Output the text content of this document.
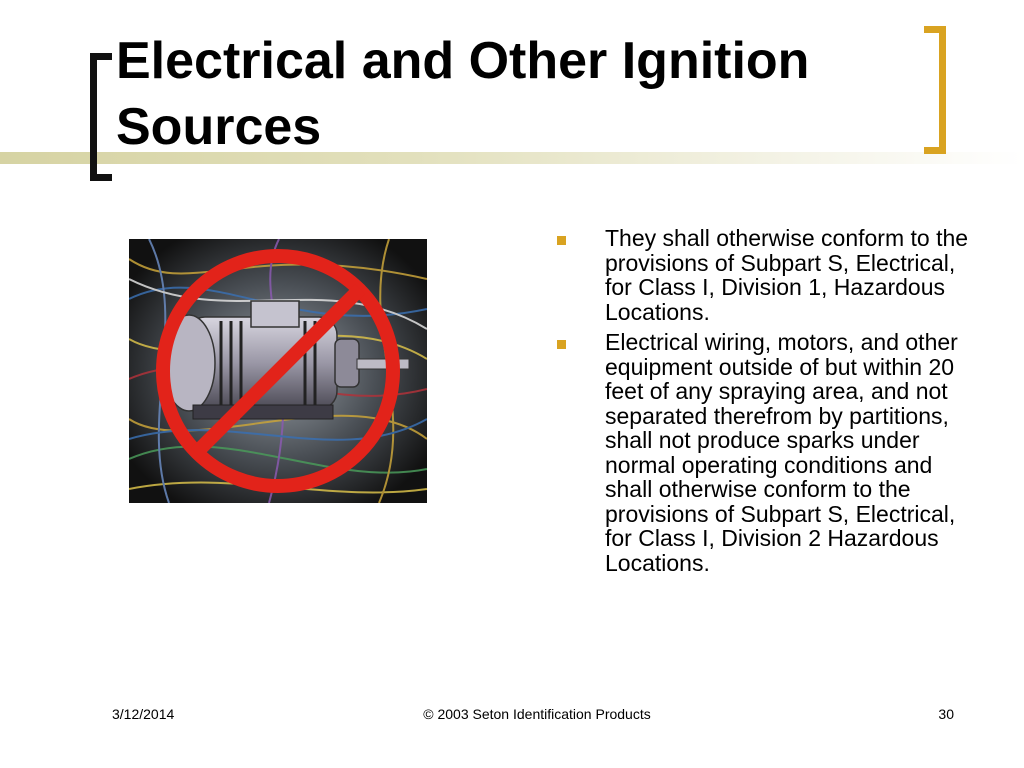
Electrical and Other Ignition Sources
They shall otherwise conform to the provisions of Subpart S, Electrical, for Class I, Division 1, Hazardous Locations.
Electrical wiring, motors, and other equipment outside of but within 20 feet of any spraying area, and not separated therefrom by partitions, shall not produce sparks under normal operating conditions and shall otherwise conform to the provisions of Subpart S, Electrical, for Class I, Division 2 Hazardous Locations.
3/12/2014	© 2003 Seton Identification Products	30
